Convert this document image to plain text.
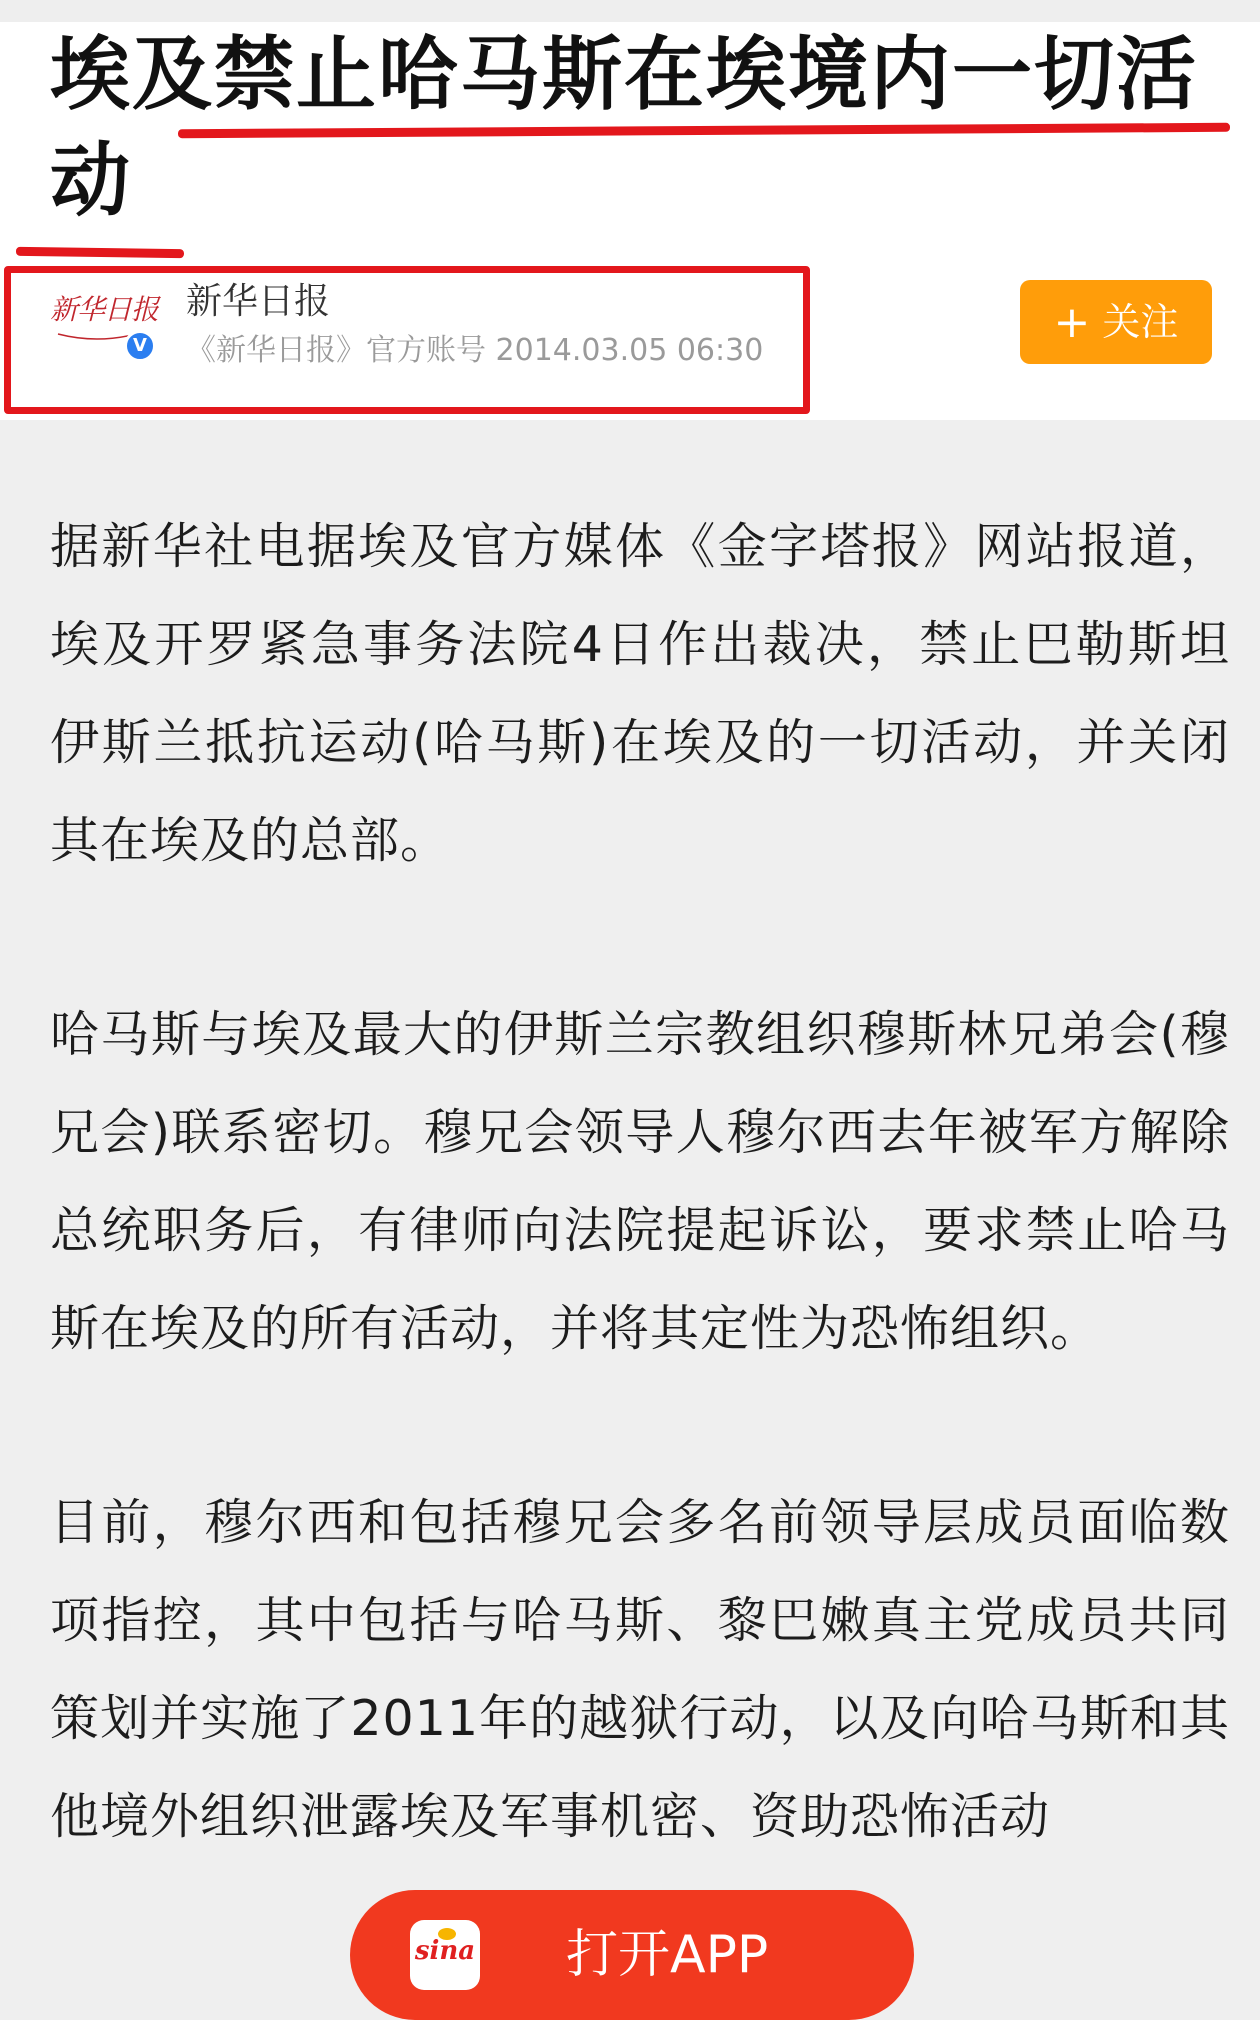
埃及禁止哈马斯在埃境内一切活动
新华日报
V
新华日报
《新华日报》官方账号 2014.03.05 06:30
+ 关注

据新华社电据埃及官方媒体《金字塔报》网站报道，埃及开罗紧急事务法院4日作出裁决，禁止巴勒斯坦伊斯兰抵抗运动(哈马斯)在埃及的一切活动，并关闭其在埃及的总部。

哈马斯与埃及最大的伊斯兰宗教组织穆斯林兄弟会(穆兄会)联系密切。穆兄会领导人穆尔西去年被军方解除总统职务后，有律师向法院提起诉讼，要求禁止哈马斯在埃及的所有活动，并将其定性为恐怖组织。

目前，穆尔西和包括穆兄会多名前领导层成员面临数项指控，其中包括与哈马斯、黎巴嫩真主党成员共同策划并实施了2011年的越狱行动，以及向哈马斯和其他境外组织泄露埃及军事机密、资助恐怖活动

sina 打开APP
